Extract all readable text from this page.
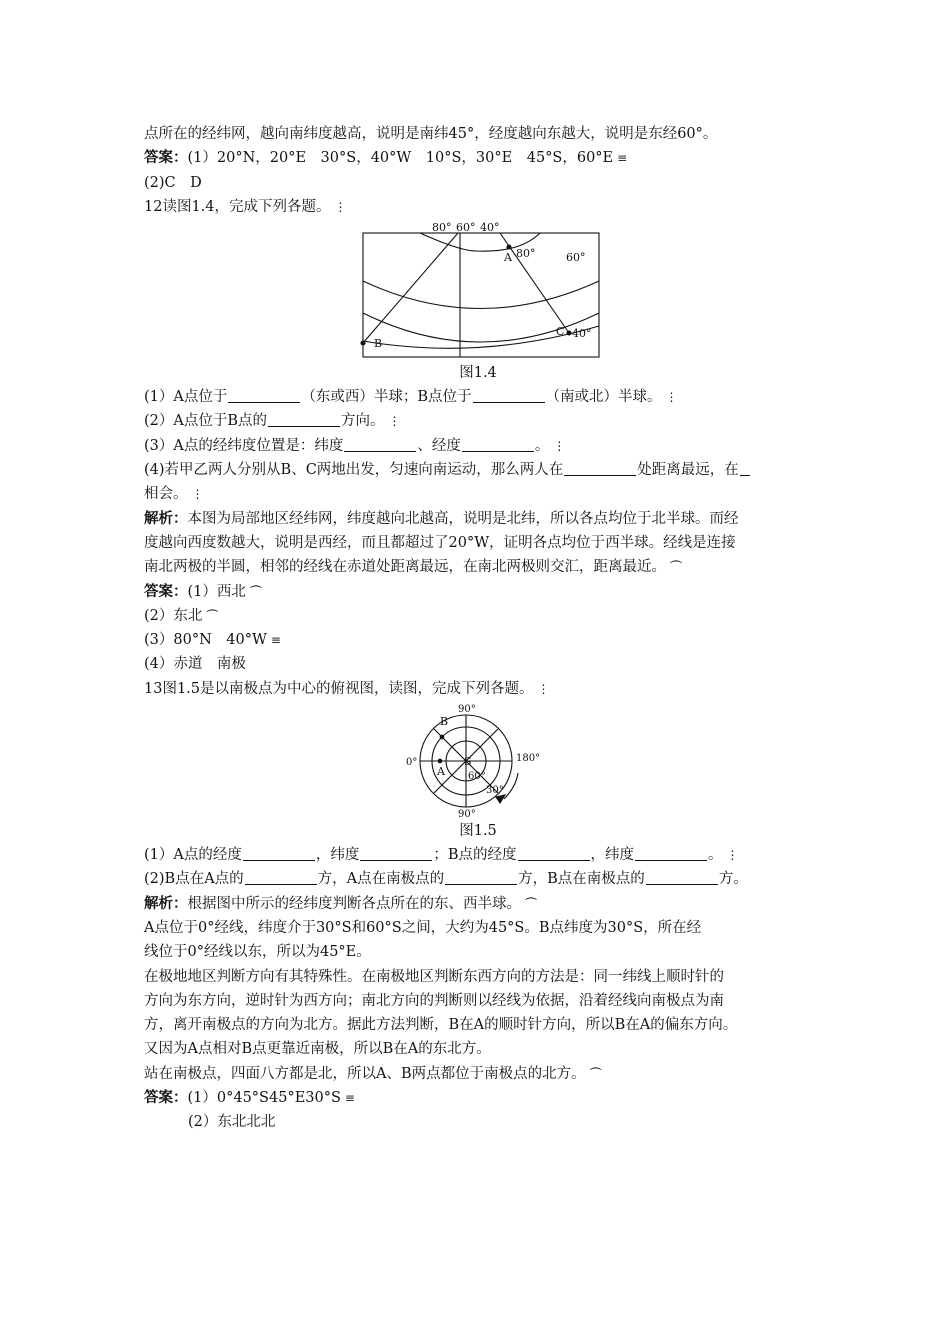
点所在的经纬网，越向南纬度越高，说明是南纬45°，经度越向东越大，说明是东经60°。
答案：(1）20°N，20°E　30°S，40°W　10°S，30°E　45°S，60°E ≡
(2)C　D
12读图1.4，完成下列各题。 ⋮
80° 60° 40°
80°	60°
40°
A
B
C
图1.4
(1）A点位于	（东或西）半球；B点位于	（南或北）半球。 ⋮
(2）A点位于B点的	方向。 ⋮
(3）A点的经纬度位置是：纬度	、经度	。 ⋮
(4)若甲乙两人分别从B、C两地出发，匀速向南运动，那么两人在	处距离最远，在
相会。 ⋮
解析：本图为局部地区经纬网，纬度越向北越高，说明是北纬，所以各点均位于北半球。而经
度越向西度数越大，说明是西经，而且都超过了20°W，证明各点均位于西半球。经线是连接
南北两极的半圆，相邻的经线在赤道处距离最远，在南北两极则交汇，距离最近。 ⏜
答案：(1）西北 ⏜
(2）东北 ⏜
(3）80°N　40°W ≡
(4）赤道　南极
13图1.5是以南极点为中心的俯视图，读图，完成下列各题。 ⋮
90°
0°	180°
90°
60°
30°
A
B
S
图1.5
(1）A点的经度	，纬度	；B点的经度	，纬度	。 ⋮
(2)B点在A点的	方，A点在南极点的	方，B点在南极点的	方。
解析：根据图中所示的经纬度判断各点所在的东、西半球。 ⏜
A点位于0°经线，纬度介于30°S和60°S之间，大约为45°S。B点纬度为30°S，所在经
线位于0°经线以东，所以为45°E。
在极地地区判断方向有其特殊性。在南极地区判断东西方向的方法是：同一纬线上顺时针的
方向为东方向，逆时针为西方向；南北方向的判断则以经线为依据，沿着经线向南极点为南
方，离开南极点的方向为北方。据此方法判断，B在A的顺时针方向，所以B在A的偏东方向。
又因为A点相对B点更靠近南极，所以B在A的东北方。
站在南极点，四面八方都是北，所以A、B两点都位于南极点的北方。 ⏜
答案：(1）0°45°S45°E30°S ≡
(2）东北北北
